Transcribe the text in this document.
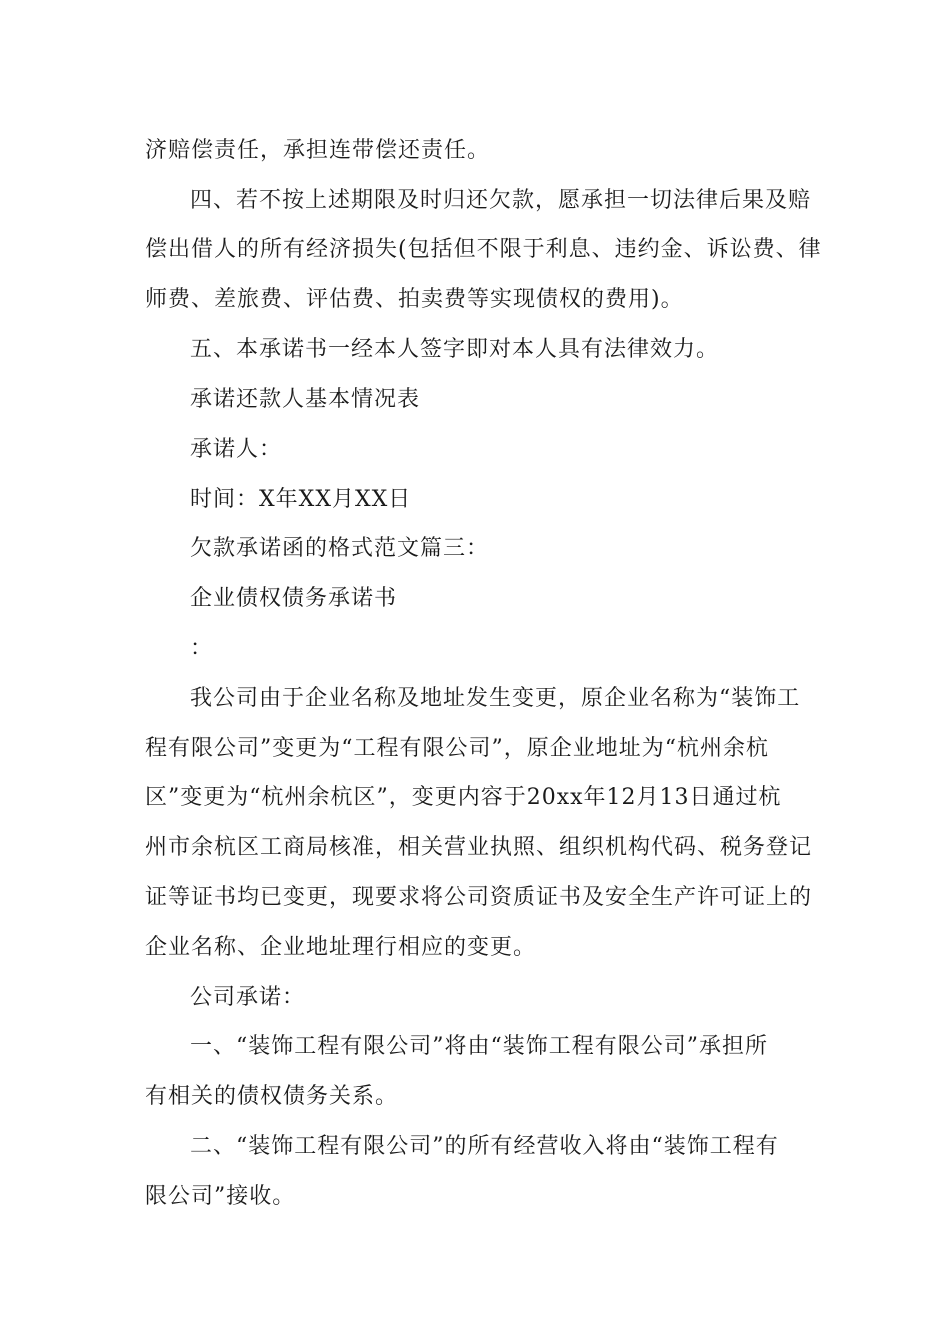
济赔偿责任，承担连带偿还责任。
四、若不按上述期限及时归还欠款，愿承担一切法律后果及赔
偿出借人的所有经济损失(包括但不限于利息、违约金、诉讼费、律
师费、差旅费、评估费、拍卖费等实现债权的费用)。
五、本承诺书一经本人签字即对本人具有法律效力。
承诺还款人基本情况表
承诺人：
时间：X年XX月XX日
欠款承诺函的格式范文篇三：
企业债权债务承诺书
：
我公司由于企业名称及地址发生变更，原企业名称为“装饰工
程有限公司”变更为“工程有限公司”，原企业地址为“杭州余杭
区”变更为“杭州余杭区”，变更内容于20xx年12月13日通过杭
州市余杭区工商局核准，相关营业执照、组织机构代码、税务登记
证等证书均已变更，现要求将公司资质证书及安全生产许可证上的
企业名称、企业地址理行相应的变更。
公司承诺：
一、“装饰工程有限公司”将由“装饰工程有限公司”承担所
有相关的债权债务关系。
二、“装饰工程有限公司”的所有经营收入将由“装饰工程有
限公司”接收。
